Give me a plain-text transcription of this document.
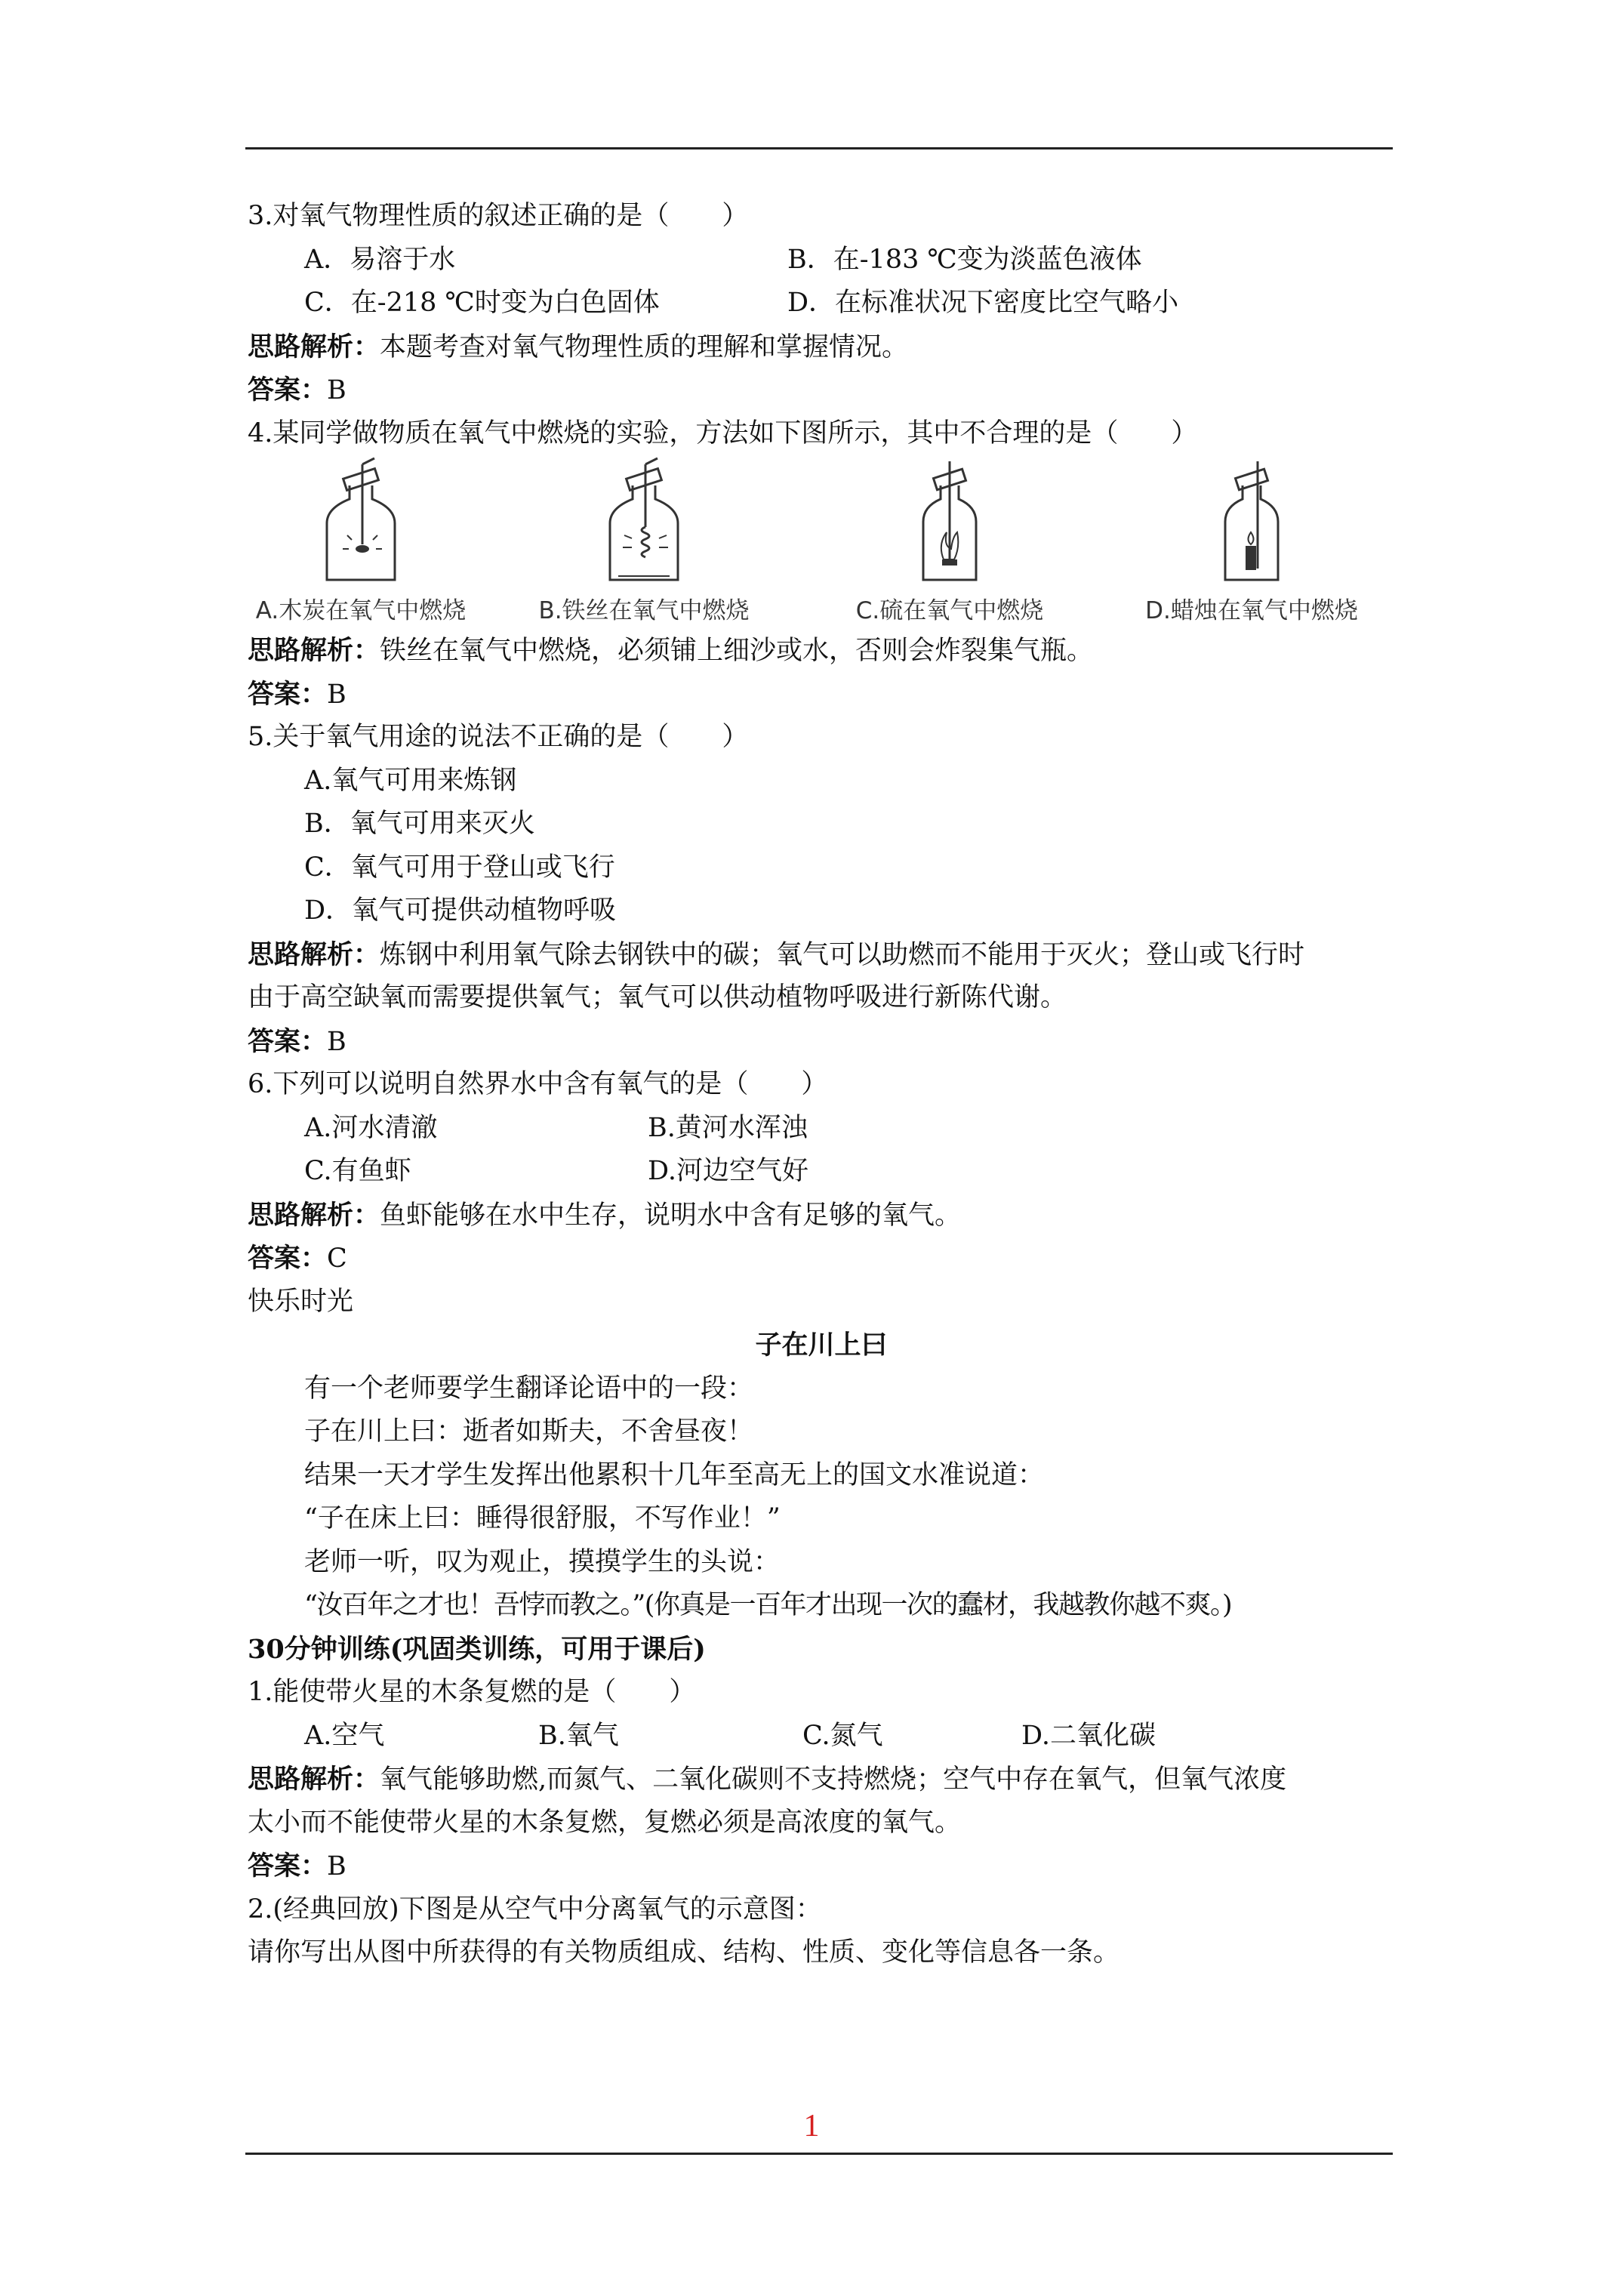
3.对氧气物理性质的叙述正确的是（　　）
A．易溶于水	B．在-183 ℃变为淡蓝色液体
C．在-218 ℃时变为白色固体	D．在标准状况下密度比空气略小
思路解析：本题考查对氧气物理性质的理解和掌握情况。
答案：B
4.某同学做物质在氧气中燃烧的实验，方法如下图所示，其中不合理的是（　　）
A.木炭在氧气中燃烧	B.铁丝在氧气中燃烧	C.硫在氧气中燃烧	D.蜡烛在氧气中燃烧
思路解析：铁丝在氧气中燃烧，必须铺上细沙或水，否则会炸裂集气瓶。
答案：B
5.关于氧气用途的说法不正确的是（　　）
A.氧气可用来炼钢
B．氧气可用来灭火
C．氧气可用于登山或飞行
D．氧气可提供动植物呼吸
思路解析：炼钢中利用氧气除去钢铁中的碳；氧气可以助燃而不能用于灭火；登山或飞行时
由于高空缺氧而需要提供氧气；氧气可以供动植物呼吸进行新陈代谢。
答案：B
6.下列可以说明自然界水中含有氧气的是（　　）
A.河水清澈	B.黄河水浑浊
C.有鱼虾	D.河边空气好
思路解析：鱼虾能够在水中生存，说明水中含有足够的氧气。
答案：C
快乐时光
子在川上曰
有一个老师要学生翻译论语中的一段：
子在川上曰：逝者如斯夫，不舍昼夜！
结果一天才学生发挥出他累积十几年至高无上的国文水准说道：
“子在床上曰：睡得很舒服，不写作业！”
老师一听，叹为观止，摸摸学生的头说：
“汝百年之才也！吾悖而教之。”(你真是一百年才出现一次的蠢材，我越教你越不爽。)
30分钟训练(巩固类训练，可用于课后)
1.能使带火星的木条复燃的是（　　）
A.空气	B.氧气	C.氮气	D.二氧化碳
思路解析：氧气能够助燃,而氮气、二氧化碳则不支持燃烧；空气中存在氧气，但氧气浓度
太小而不能使带火星的木条复燃，复燃必须是高浓度的氧气。
答案：B
2.(经典回放)下图是从空气中分离氧气的示意图：
请你写出从图中所获得的有关物质组成、结构、性质、变化等信息各一条。
1
